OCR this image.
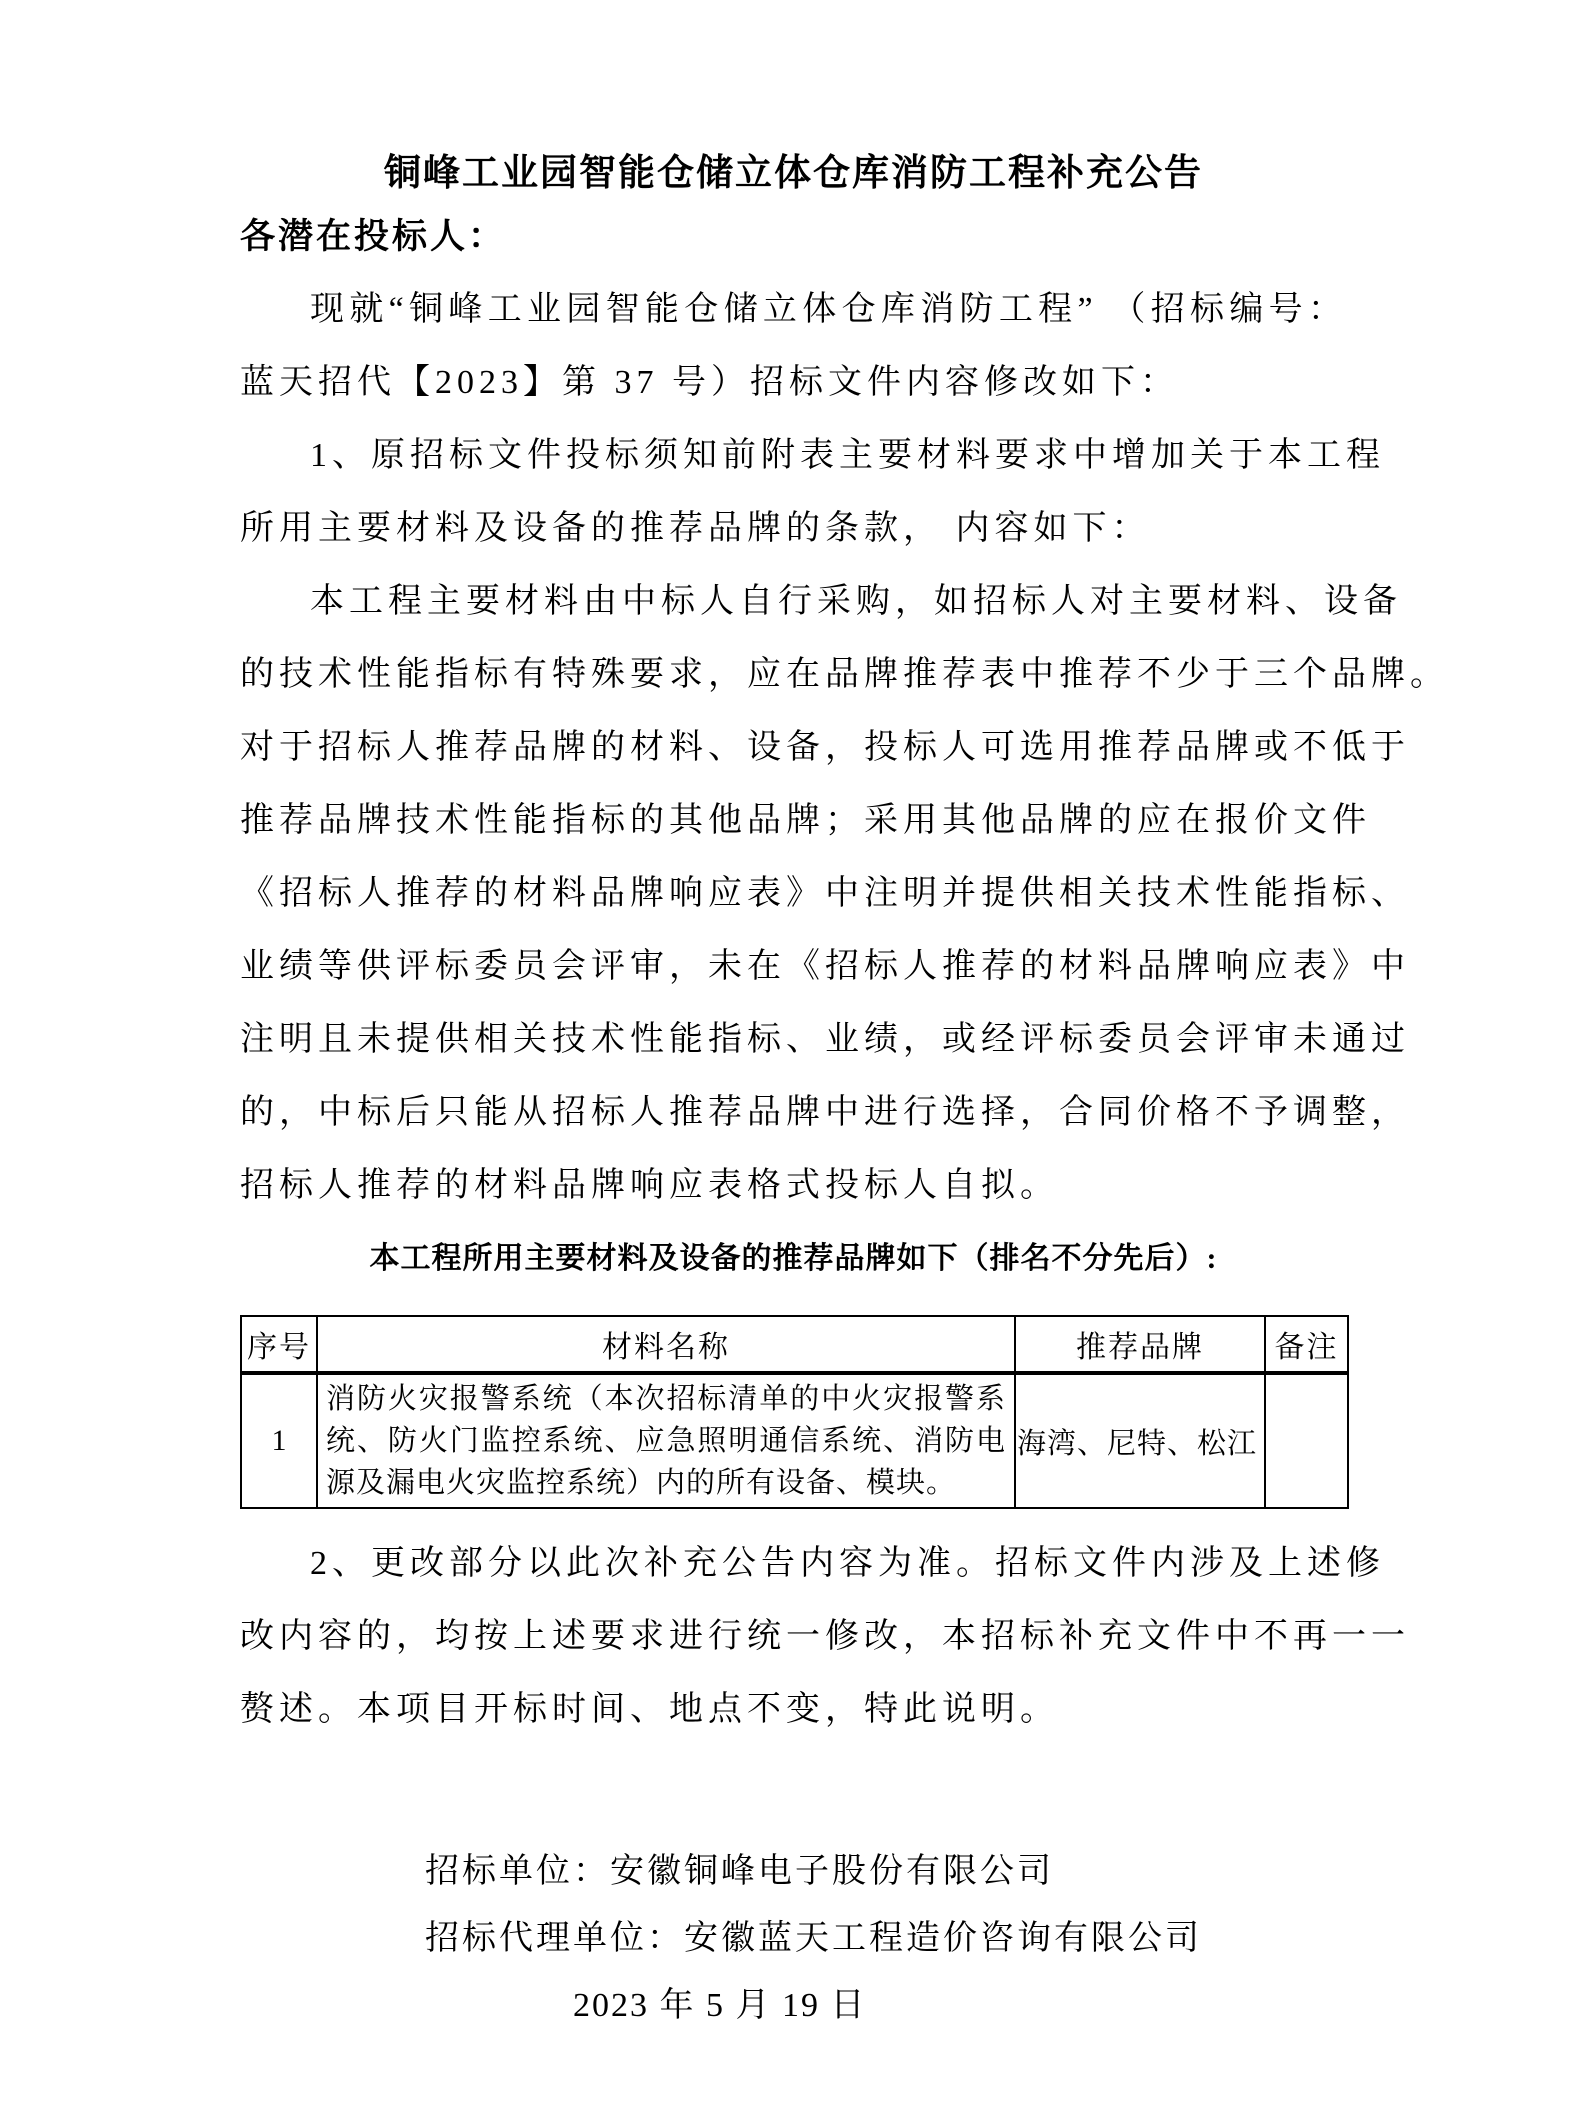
铜峰工业园智能仓储立体仓库消防工程补充公告
各潜在投标人：
现就“铜峰工业园智能仓储立体仓库消防工程” （招标编号：
蓝天招代【2023】第 37 号）招标文件内容修改如下：
1、原招标文件投标须知前附表主要材料要求中增加关于本工程
所用主要材料及设备的推荐品牌的条款， 内容如下：
本工程主要材料由中标人自行采购，如招标人对主要材料、设备
的技术性能指标有特殊要求，应在品牌推荐表中推荐不少于三个品牌。
对于招标人推荐品牌的材料、设备，投标人可选用推荐品牌或不低于
推荐品牌技术性能指标的其他品牌；采用其他品牌的应在报价文件
《招标人推荐的材料品牌响应表》中注明并提供相关技术性能指标、
业绩等供评标委员会评审，未在《招标人推荐的材料品牌响应表》中
注明且未提供相关技术性能指标、业绩，或经评标委员会评审未通过
的，中标后只能从招标人推荐品牌中进行选择，合同价格不予调整，
招标人推荐的材料品牌响应表格式投标人自拟。
本工程所用主要材料及设备的推荐品牌如下（排名不分先后）:
序号	材料名称	推荐品牌	备注
1	消防火灾报警系统（本次招标清单的中火灾报警系统、防火门监控系统、应急照明通信系统、消防电源及漏电火灾监控系统）内的所有设备、模块。	海湾、尼特、松江	
2、更改部分以此次补充公告内容为准。招标文件内涉及上述修
改内容的，均按上述要求进行统一修改，本招标补充文件中不再一一
赘述。本项目开标时间、地点不变，特此说明。
招标单位：安徽铜峰电子股份有限公司
招标代理单位：安徽蓝天工程造价咨询有限公司
2023 年 5 月 19 日
